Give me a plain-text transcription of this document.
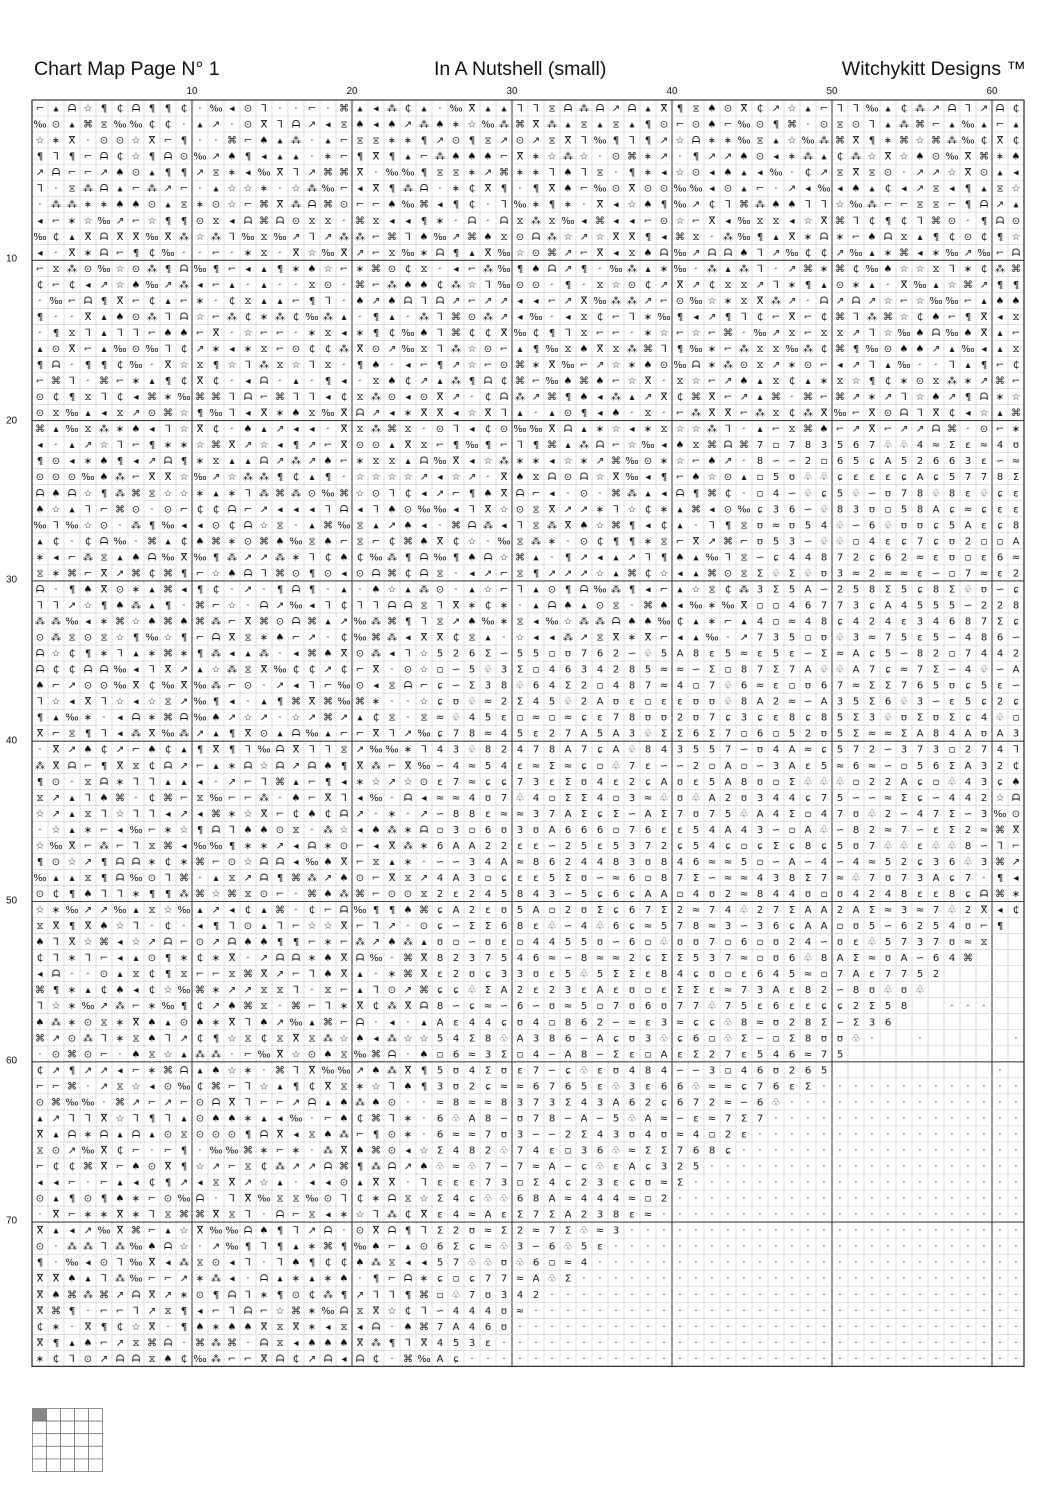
Chart Map Page N° 1	In A Nutshell (small)	Witchykitt Designs ™
10	20	30	40	50	60
10
20
30
40
50
60
70
⌐ ▴ ᗩ ☆ ¶ ₵ ᗩ ¶ ¶ ₵ · ‰ ◂ ⊙ ⅂ · · ⌐ · ⌘ ▴ ◂ ⁂ ₵ ▴ · ‰ ⴳ ▴ ▴ ⅂ ⅂ ⧖ ᗩ ⁂ ᗩ ↗ ᗩ ▴ ⴳ ¶ ⧖ ♠ ⊙ ⴳ ₵ ↗ ☆ ▴ ⌐ ⅂ ⅂ ‰ ▴ ₵ ⁂ ↗ ᗩ ⅂ ↗ ᗩ ₵
‰ ⊙ ▴ ⌘ ⧖ ‰ ‰ ₵ ₵ · ▴ ↗ · ⊙ ⴳ ⅂ ᗩ ↗ ◂ ⧖ ♠ ◂ ♠ ↗ ⁂ ♠ ∗ ☆ ‰ ⁂ ⌘ ⴳ ⁂ ▴ ⧖ ▴ ⧖ ▴ ¶ ⊙ ⌐ ⊙ ♠ ⌐ ‰ ⊙ ¶ ⌘ · ⊙ ⧖ ⊙ ⅂ ▴ ⁂ ⌘ ⌐ ▴ ‰ ▴ ⌐ ▴
☆ ∗ ⴳ · ⊙ ⊙ ☆ ⴳ ⌐ ¶ · · ⌘ ⌐ ♠ ▴ ⁂ · ▴ ⌐ ⧖ ⧖ ∗ ∗ ¶ ↗ ⊙ ¶ ⧖ ↗ ⊙ ↗ ⧖ ⴳ ⅂ ‰ ¶ ⅂ ¶ ↗ ☆ ᗩ ∗ ∗ ‰ ⧖ ▴ ☆ ‰ ⁂ ⌘ ⴳ ¶ ∗ ⌘ ☆ ⌘ ⁂ ‰ ₵ ⴳ ₵
¶ ⅂ ¶ ⌐ ᗩ ₵ ☆ ¶ ᗩ ⊙ ‰ ↗ ♠ ¶ ◂ ▴ ▴ · ∗ ⌐ ¶ ⴳ ¶ ▴ ⌐ ⁂ ♠ ♠ ♠ ⌐ ⴳ ∗ ☆ ⁂ ☆ · ⊙ ⌘ ∗ ↗ · ¶ ↗ ↗ ♠ ⊙ ◂ ∗ ⁂ ▴ ₵ ⁂ ☆ ⴳ ☆ ♠ ⊙ ‰ ⴳ ⌘ ∗ ♠
↗ ᗩ ⌐ ⌐ ↗ ♠ ⊙ ▴ ¶ ¶ ↗ ⧖ ∗ ◂ ‰ ⴳ ⅂ ↗ ⌘ ⌘ ⴳ · ‰ ‰ ¶ ⧖ ⧖ ∗ ↗ ⌘ ∗ ∗ ⅂ ♠ ⅂ ⧖ · ¶ ∗ ◂ ☆ ⊙ ◂ ♠ ▴ ◂ ‰ · ₵ ↗ ⧖ ⴳ ⧖ ⊙ · ↗ ↗ ☆ ⴳ ⊙ ▴ ◂
⅂ · ⧖ ⁂ ᗩ ▴ ⌐ ⁂ ↗ ⌐ · ▴ ☆ ☆ ∗ · ☆ ⁂ ‰ ⌐ ◂ ⴳ ¶ ⁂ ᗩ · ∗ ₵ ⴳ ¶ · ¶ ⴳ ♠ ⌐ ‰ ⊙ ⴳ ⊙ ⊙ ‰ ‰ ◂ ⊙ ▴ ⌐ · ↗ ◂ ‰ ◂ ♠ ▴ ₵ ◂ ↗ ⧖ ◂ ¶ ▴ ⧖ ☆
· ⁂ ⁂ ∗ ∗ ♠ ♠ ⊙ ▴ ⧖ ∗ ⊙ ☆ ⌐ ⌘ ⴳ ⁂ ᗩ ⌘ ⊙ ⌐ ⌐ ♠ ‰ ⌘ ◂ ¶ ₵ · ⅂ ‰ ∗ ¶ ∗ · ⴳ ◂ ☆ ♠ ¶ ‰ ↗ ₵ ⅂ ⌘ ⁂ ♠ ♠ ⅂ ⅂ ☆ ‰ ⁂ ⌐ ⌐ ⧖ ⧖ ⌐ ¶ ᗩ ↗ ▴
◂ ⌐ ∗ ☆ ‰ ↗ ⌐ ☆ ¶ ¶ ⊙ ⧖ ◂ ᗩ ⌘ ᗩ ⊙ ⧖ ⧖ · ⌘ ⧖ ◂ ◂ ¶ ∗ · ᗩ · ᗩ ⧖ ⁂ ⧖ ‰ ◂ ⌘ ◂ ◂ ⌐ ⊙ ☆ ⌐ ⴳ ◂ ‰ ⧖ ⧖ ◂ ☆ ⴳ ⌘ ⅂ ₵ ¶ ₵ ⅂ ⌘ ⊙ · ¶ ᗩ ⊙
‰ ₵ ▴ ⴳ ᗩ ⴳ ⴳ ‰ ⴳ ⁂ ☆ ⁂ ⅂ ‰ ⧖ ‰ ↗ ⅂ ↗ ⁂ ⁂ ⌐ ⌘ ⅂ ♠ ‰ ↗ ⌘ ♠ ⧖ ⊙ ᗩ ⁂ ☆ ↗ ☆ ⴳ ⴳ ¶ ◂ ⌘ ⧖ · ⁂ ‰ ¶ ▴ ⴳ ∗ ᗩ ∗ ⌐ ♠ ᗩ ⧖ ▴ ¶ ₵ ⊙ ₵ ¶ ☆
◂ · ⴳ ∗ ᗩ ⌐ ¶ ₵ ‰ · · ⌐ · ∗ ⧖ · ⴳ ☆ ‰ ⴳ ↗ ⌐ ⧖ ‰ ∗ ᗩ ¶ ▴ ⴳ ‰ ☆ ⊙ ⌘ ↗ ⌐ ⴳ ◂ ⧖ ♠ ᗩ ‰ ↗ ᗩ ᗩ ♠ ⅂ ↗ ‰ ₵ ₵ ↗ ‰ ▴ ∗ ⌘ ◂ ∗ ‰ ↗ ‰ ⌐ ᗩ
⌐ ⧖ ⁂ ⊙ ‰ ☆ ⊙ ⁂ ¶ ᗩ ‰ ¶ ⌐ ◂ ▴ ¶ ∗ ♠ ☆ ⌐ ∗ ⌘ ⊙ ₵ ⧖ · ◂ ⌐ ⁂ ‰ ¶ ♠ ᗩ ↗ ¶ · ‰ ⁂ ▴ ∗ ‰ · ⁂ ▴ ⁂ ⅂ · ↗ ⌘ ∗ ⌘ ₵ ‰ ♠ ☆ ☆ ⧖ ⅂ ∗ ₵ ⁂ ⌘
₵ ⌐ ₵ ◂ ↗ ☆ ♠ ‰ ↗ ⁂ ◂ ⌐ ▴ · ▴ · · ⧖ ⊙ · ⌘ ⌐ ⁂ ♠ ♠ ₵ ⁂ ☆ ⅂ ‰ ⊙ ⊙ · ¶ · ⧖ ☆ ⊙ ₵ ↗ ⴳ ↗ ₵ ⧖ ⧖ ↗ ⅂ ∗ ¶ ▴ ⊙ ∗ ▴ · ⴳ ‰ ▴ ☆ ⌘ ↗ ¶ ¶
· ‰ ⌐ ᗩ ¶ ⴳ ⌐ ₵ ▴ ⌐ ∗ · ₵ ⧖ ▴ ▴ ⌐ ¶ ⅂ · ♠ ↗ ♠ ᗩ ⅂ ᗩ ↗ ⌐ ↗ ↗ ◂ ◂ ⌐ ↗ ⴳ ‰ ⁂ ⁂ ↗ ⌐ ⊙ ‰ ☆ ∗ ⧖ ⴳ ⁂ ↗ · ᗩ ↗ ᗩ ↗ ☆ ⌐ ☆ ‰ ‰ ⌐ ▴ ♠ ♠
¶ · · ⴳ ▴ ♠ ⊙ ⁂ ⅂ ᗩ ☆ ⌐ ⁂ ₵ ∗ ⁂ ₵ ‰ ⁂ ▴ · ¶ ▴ · ⁂ ⅂ ⌘ ⊙ ⁂ ↗ ◂ ‰ · ◂ ⧖ ₵ ⌐ ⅂ ∗ ‰ ¶ ◂ ↗ ¶ ⅂ ₵ ⌐ ⴳ ⌐ ₵ ⌘ ⅂ ⁂ ⌘ ☆ ₵ ♠ ⌐ ¶ ⴳ ◂ ⧖
· ¶ ⧖ ⅂ ▴ ⅂ ⅂ ⌐ ♠ ♠ ⌐ ⴳ · ☆ ⌐ ⌐ · ∗ ⧖ ◂ ∗ ¶ ₵ ‰ ♠ ⅂ ⌘ ₵ ₵ ⴳ ‰ ₵ ¶ ⅂ ⧖ ⌐ ⌐ · ∗ ☆ ⌐ ☆ ⌐ ⌘ · ‰ ↗ ⧖ ⌐ ⧖ ⧖ ↗ ⅂ ☆ ‰ ♠ ᗩ ‰ ♠ ⴳ ▴ ⌐
▴ ⊙ ⴳ ⌐ ▴ ‰ ⊙ ‰ ⅂ ₵ ↗ ∗ ◂ ∗ ⧖ ⌐ ⊙ ₵ ₵ ⁂ ⴳ ⊙ ↗ ‰ ⧖ ⅂ ⁂ ☆ ⊙ ⌐ ▴ ¶ ‰ ⧖ ♠ ⴳ ⧖ ⁂ ⌘ ⅂ ¶ ‰ ∗ ⌐ ⁂ ⧖ ⧖ ‰ ⁂ ₵ ⌘ ¶ ‰ ⊙ ♠ ♠ ↗ ▴ ‰ ◂ ▴ ⧖
¶ ᗩ · ¶ ¶ ₵ ‰ · ⴳ ☆ ⧖ ¶ ☆ ⅂ ⁂ ⧖ ☆ ⅂ ⧖ · ¶ ♠ · ◂ ⌐ ¶ ↗ ☆ ⌐ ⊙ ⌘ ∗ ⴳ ‰ ⌐ ↗ ☆ ∗ ♠ ⊙ ‰ ᗩ ∗ ⁂ ⊙ ⧖ ↗ ∗ ⊙ ⌐ ◂ ↗ ⅂ ▴ ‰ · · ⅂ ▴ ¶ ⌐ ₵
⌐ ⌘ ⅂ · ⌘ ⌐ ∗ ▴ ¶ ₵ ⴳ ₵ · ◂ ᗩ · ▴ · ¶ ◂ · ⧖ ♠ ₵ ↗ ▴ ⁂ ¶ ᗩ ₵ ⌘ ⌐ ‰ ♠ ⌘ ♠ ⌐ ☆ ⴳ · ⧖ ☆ ⌐ ↗ ♠ ▴ ⧖ ₵ ▴ ∗ ⧖ ☆ ¶ ₵ ∗ ⊙ ⧖ ⁂ ∗ ↗ ⌘ ⌐
⊙ ₵ ¶ ⧖ ⅂ ₵ ◂ ⌘ ∗ ‰ ⌘ ⌘ ⅂ ᗩ ⌐ ⌘ ⅂ ⅂ ◂ ₵ ⧖ ⁂ ⊙ ◂ ⊙ ⴳ ↗ · ₵ ᗩ ⁂ ↗ ⌘ ¶ ♠ ◂ ⁂ ▴ ↗ ⴳ ₵ ⌘ ⴳ ⌐ ↗ ▴ ⌘ · ⌘ ⌐ ⌘ ↗ ∗ ↗ ⅂ ☆ ♠ ↗ ¶ ᗩ ∗ ☆
⊙ ⧖ ‰ ▴ ◂ ⧖ ↗ ⊙ ⌘ ☆ ¶ ‰ ⅂ ◂ ⴳ ∗ ♠ ⧖ ‰ ⴳ ᗩ ↗ ◂ ∗ ⴳ ⴳ ◂ ☆ ⴳ ⅂ ▴ · ▴ ⊙ ¶ ◂ ♠ · ⧖ · ⌐ ⁂ ⴳ ⴳ ⌐ ⁂ ⧖ ₵ ⁂ ⴳ ‰ ⌐ ⴳ ⊙ ᗩ ⅂ ⴳ ₵ ◂ ☆ ▴ ⌘
⌘ ▴ ‰ ⧖ ⁂ ∗ ♠ ◂ ⅂ ☆ ⴳ ₵ · ♠ ▴ ↗ ◂ ◂ · ⴳ ⧖ ⁂ ⌘ ⧖ · ⊙ ⅂ ◂ ₵ ⊙ ‰ ‰ ⴳ ᗩ ▴ ∗ ☆ ◂ ∗ ⧖ ☆ ☆ ⁂ ⅂ · ▴ ⌐ ⧖ ⌘ ♠ ⌐ ↗ ⴳ ⌐ ↗ ↗ ᗩ ⌘ · ⊙ ⌐ ∗
◂ · ▴ ↗ ☆ ⅂ ⌐ ¶ ∗ ∗ ☆ ⌘ ⴳ ↗ ☆ ◂ ¶ ↗ ⌐ ⴳ ⊙ ⊙ ▴ ⴳ ⧖ ⌐ ¶ ‰ ¶ ⌐ ⅂ ¶ ⌘ ▴ ⁂ ᗩ ⌐ ☆ ‰ ◂ ♠ ⧖ ⌘ ᗩ ⌘ 7 ▫ 7 8 3 5 6 7 ♧ ♧ 4 ≈ Σ ε ≈ 4 ʊ
¶ ⊙ ◂ ∗ ♠ ¶ ◂ ↗ ᗩ ¶ ∗ ⧖ ▴ ▴ ᗩ ↗ ⁂ ↗ ♠ ⌐ ∗ ⧖ ⧖ ▴ ᗩ ‰ ⴳ ◂ ☆ ⁂ ∗ ∗ ◂ ☆ ∗ ↗ ⌘ ‰ ⊙ ∗ ☆ ⌐ ♠ ↗ · 8 ∽ ∽ 2 ▫ 6 5 ɕ A 5 2 6 6 3 ε ∽ ≈
⊙ ⊙ ⊙ ‰ ♠ ⁂ ⌐ ⴳ ⴳ ☆ ‰ ↗ ☆ ⁂ ⁂ ¶ ₵ ▴ ¶ · ☆ ☆ ☆ ☆ ↗ ◂ ☆ ↗ · ⴳ ♠ ⧖ ᗩ ⊙ ᗩ ☆ ⴳ ‰ ◂ ¶ ⌐ ♠ ☆ ⊙ ▴ ▫ 5 ʊ ♧ ♧ ɕ ε ε ε ɕ A ɕ 5 7 7 8 Σ
ᗩ ♠ ᗩ ☆ ¶ ⁂ ⌘ ⧖ ☆ ☆ ∗ ▴ ∗ ⅂ ⁂ ⌘ ⁂ ⊙ ‰ ⌘ ☆ ⊙ ⅂ ₵ ◂ ↗ ⌐ ¶ ♠ ⴳ ᗩ ⌐ ◂ · ⊙ · ⌘ ⁂ ▴ ◂ ᗩ ¶ ⌘ ₵ · ▫ 4 ∽ ♧ ɕ 5 ♧ ∽ ʊ 7 8 ♧ 8 ε ♧ ɕ ε
♠ ☆ ▴ ⅂ ⌐ ⌘ ⊙ · ⊙ ⌐ ₵ ₵ ᗩ ⌐ ↗ ◂ ◂ ◂ ⅂ ᗩ ◂ ⅂ ♠ ⊙ ‰ ‰ ◂ ⅂ ⴳ ☆ ⊙ ⧖ ⴳ ↗ ↗ ∗ ⅂ ☆ ₵ ∗ ▴ ⌘ ◂ ⊙ ‰ ɕ 3 6 ∽ ♧ 8 3 ʊ ▫ 5 8 A ɕ ≈ ɕ ε ε
‰ ⅂ ‰ ☆ ⊙ · ⁂ ¶ ‰ ◂ ◂ ⊙ ₵ ᗩ ☆ ⧖ · ▴ ⌘ ‰ ⧖ ▴ ↗ ♠ ◂ · ⌘ ᗩ ⁂ ◂ ⅂ ⧖ ⁂ ⴳ ♠ ☆ ⌘ ¶ ◂ ₵ ▴ · ⅂ ¶ ⧖ ʊ ≈ ʊ 5 4 ♧ ∽ 6 ♧ ʊ ʊ ɕ 5 A ε ɕ 8
▴ ₵ · ₵ ᗩ ‰ · ⌘ ▴ ₵ ♠ ⌘ ∗ ⊙ ⌘ ♠ ‰ ⧖ ♠ ⌐ ⧖ ⌐ ₵ ⌘ ♠ ⴳ ₵ ☆ · ‰ ⧖ ⁂ ∗ · ⊙ ₵ ¶ ¶ ∗ ⧖ ⌐ ⴳ ↗ ⌘ ⌐ ʊ 5 3 ∽ ♧ ♧ ▫ 4 ε ɕ 7 ɕ ʊ 2 ▫ ▫ A
∗ ◂ ⌐ ⁂ ⧖ ▴ ♠ ᗩ ‰ ⴳ ‰ ¶ ⁂ ↗ ↗ ⁂ ∗ ⅂ ₵ ♠ ₵ ‰ ⁂ ¶ ᗩ ‰ ¶ ♠ ᗩ ☆ ⌘ ▴ · ¶ ↗ ◂ ▴ ↗ ⅂ ¶ ♠ ▴ ‰ ⅂ ⧖ ∽ ɕ 4 4 8 7 2 ɕ 6 2 ≈ ε ʊ ▫ ε 6 ≈
⧖ ∗ ⌘ ⌐ ⴳ ↗ ⌘ ₵ ⌘ ¶ ⌐ ☆ ♠ ᗩ ⅂ ⌘ ⊙ ¶ ⊙ ◂ ⊙ ᗩ ⌘ ₵ ᗩ ⧖ · ◂ ↗ ⌐ ⧖ ¶ ↗ ↗ ↗ ☆ ▴ ⌘ ₵ ☆ ◂ ▴ ⌘ ⊙ ⧖ Σ ♧ Σ ♧ ʊ 3 ≈ 2 ≈ ≈ ε ∽ ▫ 7 ≈ ε 2
ᗩ · ¶ ♠ ⴳ ⊙ ∗ ▴ ⌘ ◂ ¶ ₵ · ↗ · ¶ ᗩ ¶ · ▴ · ♠ ☆ ▴ ⁂ ⊙ · ▴ ☆ ⌐ ⅂ ▴ ⊙ ¶ ᗩ ‰ ⁂ ¶ ◂ ⌐ ▴ ☆ ⧖ ₵ ⁂ 3 Σ 5 A ∽ 2 5 8 Σ 5 ɕ 8 Σ ♧ ʊ ∽ ɕ
⅂ ⅂ ↗ ☆ ¶ ♠ ⁂ ▴ ¶ · ⌘ ⌐ ☆ · ᗩ ↗ ‰ ◂ ⅂ ₵ ⅂ ⅂ ᗩ ᗩ ⧖ ⅂ ⴳ ∗ ₵ ∗ · ▴ ᗩ ♠ ▴ ⊙ ⧖ · ⌘ ♠ ◂ ‰ ∗ ‰ ⴳ ▫ ▫ 4 6 7 7 3 ɕ A 4 5 5 5 ∽ 2 2 8
⁂ ⁂ ‰ ◂ ∗ ⌘ ☆ ♠ ⌘ ♠ ⌘ ⁂ ⌐ ⴳ ⌘ ⊙ ᗩ ⌘ ▴ ↗ ‰ ⁂ ⌘ ¶ ⅂ ⧖ ↗ ♠ ‰ ∗ ⧖ ◂ ‰ ☆ ⁂ ⁂ ᗩ ♠ ♠ ‰ ₵ ▴ ∗ ⌐ ▴ 4 ▫ ≈ 4 8 ɕ 4 2 4 ε 3 4 6 8 7 Σ ɕ
⊙ ⁂ ⧖ ⊙ ⧖ ☆ ¶ ‰ ☆ ¶ ⌐ ᗩ ⴳ ⧖ ∗ ♠ ⌐ ↗ · ₵ ‰ ⌘ ⁂ ◂ ⴳ ⴳ ₵ ⧖ ▴ · ☆ ◂ ◂ ⁂ ↗ ⧖ ⴳ ∗ ⴳ ⌐ ◂ ▴ ‰ · ↗ 7 3 5 ▫ ʊ ♧ 3 ≈ 7 5 ε 5 ∽ 4 8 6 ∽
ᗩ ☆ ₵ ¶ ∗ ⅂ ▴ ∗ ⌘ ∗ ¶ ⁂ ◂ ▴ ⁂ · ◂ ⌘ ♠ ⴳ ⊙ ⁂ ◂ ⅂ ☆ 5 2 6 Σ ∽ 5 5 ▫ ʊ 7 6 2 ∽ ♧ 5 A 8 ε 5 ≈ ε 5 ε ∽ Σ ≈ A ɕ 5 ∽ 8 2 ▫ 7 4 4 2
ᗩ ₵ ₵ ᗩ ᗩ ‰ ◂ ⅂ ⴳ ↗ ▴ ☆ ⁂ ⧖ ⴳ ‰ ₵ ₵ ↗ ₵ ⌐ ⴳ · ⊙ ☆ ▫ ∽ 5 ♧ 3 Σ ▫ 4 6 3 4 2 8 5 ≈ ≈ ∽ Σ ▫ 8 7 Σ 7 A ♧ ♧ A 7 ɕ ≈ 7 Σ ∽ 4 ♧ ∽ A
♠ ⌐ ↗ ⊙ ⊙ ‰ ⴳ ₵ ‰ ⴳ ‰ ⁂ ⌐ ⊙ · ↗ ◂ ⅂ ⌐ ‰ ⊙ ◂ ⧖ ᗩ ⌐ ɕ ∽ Σ 3 8 ♧ 6 4 Σ 2 ▫ 4 8 7 ≈ 4 ▫ 7 ♧ 6 ≈ ε ▫ ʊ 6 7 ≈ Σ Σ 7 6 5 ʊ ɕ 5 ε ∽
⅂ ☆ ◂ ⴳ ⅂ ☆ ◂ ☆ ⧖ ↗ ‰ ¶ ◂ · ▴ ¶ ⌘ ⴳ ⌘ ‰ ⌘ ∗ · · ☆ ɕ ʊ ♧ ≈ 2 Σ 4 5 ♧ 2 A ʊ ε ▫ ε ε ʊ ʊ ♧ 8 A 2 ≈ ∽ A 3 5 Σ 6 ♧ 3 ∽ ε 5 ɕ 2 ɕ
¶ ▴ ‰ ∗ · ◂ ᗩ ∗ ⌘ ᗩ ‰ ♠ ↗ ☆ ↗ · ☆ ↗ ⌘ ↗ ▴ ₵ ⧖ · ⧖ ≈ ♧ 4 5 ε ▫ ≈ ▫ ≈ ɕ ε 7 8 ʊ ʊ 2 ʊ 7 ɕ 3 ɕ ε 8 ɕ 8 5 Σ 3 ♧ ʊ Σ ʊ Σ ɕ 4 ♧ ▫
ⴳ ⌐ ⧖ ¶ ⅂ ◂ ⁂ ⴳ ‰ ⁂ ↗ ▴ ¶ ⴳ ⊙ ▴ ᗩ ‰ ▴ ⌐ ⌐ ⴳ ⅂ ↗ ‰ ɕ 7 8 ≈ 4 5 ε 2 7 A 5 A 3 ♧ Σ Σ 6 Σ 7 ▫ 6 ▫ 5 2 ʊ 5 Σ ≈ ≈ Σ A 8 4 A ʊ A 3
· ⴳ ↗ ♠ ₵ ↗ ⌐ ♠ ₵ ▴ ¶ ⴳ ¶ ⅂ ‰ ᗩ ⴳ ⅂ ⅂ ⧖ ↗ ‰ ‰ ∗ ⅂ 4 3 ♧ 8 2 4 7 8 A 7 ɕ A ♧ 8 4 3 5 5 7 ∽ ʊ 4 A ≈ ɕ 5 7 2 ∽ 3 7 3 ▫ 2 7 4 ⅂
⁂ ⴳ ᗩ ⌐ ¶ ⴳ ⧖ ₵ ᗩ ↗ ⌐ ▴ ∗ ᗩ ☆ ᗩ ↗ ᗩ ♠ ¶ ⴳ ⁂ ⌐ ⴳ ‰ ∽ 4 ≈ 5 4 ε ≈ Σ ≈ ɕ ▫ ♧ 7 ε ∽ ∽ 2 ▫ A ▫ ∽ 3 A ε 5 ≈ 6 ≈ ∽ ▫ 5 6 Σ A 3 2 ₵
¶ ⊙ · ⧖ ᗩ ∗ ⅂ ⅂ ▴ ▴ ◂ · ↗ ⌐ ⅂ ⌘ ▴ ⌐ ¶ ◂ ∗ ☆ ↗ ☆ ⊙ ε 7 ≈ ɕ ɕ 7 3 ε Σ ʊ 4 ε 2 ɕ A ʊ ε 5 A 8 ʊ ▫ Σ ♧ ♧ ♧ ▫ 2 2 A ɕ ▫ ♧ 4 3 ɕ ♠
⧖ ↗ ▴ ⅂ ♠ ⌘ · ₵ ⌘ ⌐ ⧖ ‰ ⌐ ⌐ ⁂ · ♠ ⌐ ⴳ ⅂ ◂ ‰ · ᗩ ◂ ≈ ≈ 4 ʊ 7 ♧ 4 ▫ Σ Σ 4 ▫ 3 ≈ ♧ ʊ ♧ A 2 ʊ 3 4 4 ɕ 7 5 ∽ ∽ ≈ Σ ɕ ∽ 4 4 2 ☆ ᗩ
☆ ↗ ▴ ⧖ ⅂ ☆ ⅂ ⅂ ◂ ↗ ◂ ⌘ ∗ ☆ ⴳ ⌐ ₵ ♠ ₵ ᗩ ↗ · ∗ · ↗ ∽ 8 8 ε ≈ ≈ 3 7 A Σ ɕ Σ ∽ A Σ 7 ʊ 7 5 ♧ A 4 Σ ▫ 4 7 ʊ ♧ 2 ∽ 4 7 Σ ∽ 3 ‰ ⊙
· ☆ ▴ ∗ ⌐ ◂ ‰ ⌐ ∗ ☆ ¶ ᗩ ⅂ ♠ ♠ ⊙ ⧖ · ⁂ ☆ ◂ ♠ ⁂ ∗ ᗩ ▫ 3 ▫ 6 ʊ 3 ʊ A 6 6 6 ▫ 7 6 ε ε 5 4 A 4 3 ∽ ▫ A ♧ ∽ 8 2 ≈ 7 ∽ ε Σ 2 ≈ ⌘ ⴳ
☆ ‰ ⴳ ⌐ ⁂ ⌐ ⅂ ⧖ ⌘ ◂ ‰ ‰ ¶ ∗ ∗ ↗ ◂ ᗩ ∗ ⊙ ⌐ ◂ ⴳ ⁂ ∗ 6 A A 2 2 ε ε ∽ 2 5 ε 5 3 7 2 ɕ 5 4 ɕ ▫ ɕ Σ ɕ 8 ɕ 5 ʊ 7 ♧ ♧ ε ♧ ♧ 8 ∽ ⅂ ⌐
¶ ⊙ ☆ ↗ ¶ ᗩ ᗩ ∗ ₵ ∗ ⌘ ⌐ ⊙ ☆ ᗩ ᗩ ◂ ‰ ♠ ⴳ ⌐ ⧖ ▴ ∗ · ∽ ∽ 3 4 A ≈ 8 6 2 4 4 8 3 ʊ 8 4 6 ≈ ≈ 5 ▫ ∽ A ∽ 4 ∽ 4 ≈ 5 2 ɕ 3 6 ♧ 3 ⌘ ↗
‰ ▴ ▴ ⧖ ¶ ᗩ ‰ ⊙ ⅂ ⌘ · ▴ ⧖ ↗ ᗩ ¶ ⌘ ⁂ ↗ ♠ ⊙ ⌐ ⴳ ⧖ ↗ 4 A 3 ▫ ɕ ε ε 5 Σ ʊ ∽ ≈ 6 ▫ 8 7 Σ ∽ ≈ ≈ 4 3 8 Σ 7 ≈ ♧ 7 ʊ 7 3 A ɕ 7 · ¶ ◂
⊙ ₵ ¶ ♠ ⅂ ⅂ ∗ ¶ ¶ ⁂ ⌘ ☆ ⌘ ⧖ ⊙ ⌐ · ⌘ ♠ ⁂ ⌘ ⌐ ⊙ ⊙ ⧖ 2 ε 2 4 5 8 4 3 ∽ 5 ɕ 6 ɕ A A ▫ 4 ʊ 2 ≈ 8 4 4 ʊ ▫ ʊ 4 2 4 8 ε ε 8 ɕ ᗩ ⌘ ∗
☆ ∗ ‰ ↗ ↗ ‰ ▴ ⧖ ☆ ‰ ▴ ↗ ◂ ₵ ▴ ⌘ · ₵ ⌐ ᗩ ‰ ¶ ¶ ♠ ⌘ ɕ A 2 ε ʊ 5 A ▫ 2 ʊ Σ ɕ 6 7 Σ 2 ≈ 7 4 ♧ 2 7 Σ A A 2 A Σ ≈ 3 ≈ 7 ♧ 2 ⴳ ◂ ₵
⧖ ⴳ ¶ ⴳ ♠ ☆ ⅂ · ₵ · ◂ ¶ ⅂ ⊙ ▴ ⅂ ⌐ ☆ ☆ ⴳ ⌐ ⅂ ↗ · ⊙ ɕ ∽ Σ Σ 6 8 ε ♧ ∽ 4 ♧ 6 ɕ ≈ 5 7 8 ≈ 3 ∽ 3 6 ɕ A A ▫ ʊ 5 ∽ 6 2 5 4 ʊ ⌐ ¶
♠ ⅂ ⴳ ☆ ⌘ ◂ ☆ ↗ ᗩ ⌐ ⊙ ↗ ᗩ ♠ ♠ ¶ ¶ ⌐ ∗ ⌐ ⁂ ↗ ♠ ⁂ ▴ ʊ ▫ ∽ ʊ ε ▫ 4 4 5 5 ʊ ∽ 6 ▫ ♧ ʊ ʊ 7 ▫ 6 ▫ ʊ 2 4 ∽ ʊ ε ♧ 5 7 3 7 ʊ ≈ ⧖
₵ ⅂ ∗ ⅂ ⌐ ◂ ▴ ⊙ ¶ ∗ ₵ ∗ ⴳ · ↗ ᗩ ᗩ ∗ ♠ ⴳ ᗩ ‰ · ⌘ ⴳ 8 2 3 7 5 4 6 ≈ ∽ 8 ≈ ≈ 2 ɕ Σ Σ 5 3 7 ≈ ▫ ʊ 6 ♧ 8 A Σ ≈ ʊ A ∽ 6 4 ⌘
◂ ᗩ · · ⊙ ▴ ⧖ ₵ ¶ ⧖ ⌐ ⌐ ⧖ ⌘ ⴳ ↗ ⌐ ⅂ ♠ ⴳ ▴ · ∗ ⌘ ⴳ ε 2 ʊ ɕ 3 3 ʊ ε 5 ♧ 5 Σ Σ ε 8 4 ɕ ʊ ▫ ε 6 4 5 ≈ ▫ 7 A ε 7 7 5 2
⌘ ¶ ∗ ▴ ₵ ♠ ◂ ₵ ☆ ‰ ⌘ ∗ ↗ ↗ ⧖ ⧖ ⅂ · ⧖ ⌐ ▴ ⅂ ⊙ ↗ ⌘ ɕ ɕ ♧ Σ A 2 ε 2 3 ε A ε ʊ ▫ ε Σ Σ ε ≈ 7 3 A ε 8 2 ∽ 8 ʊ ♧ ʊ ♧
⅂ ☆ ∗ ‰ ↗ ⁂ ⌐ ∗ ‰ ¶ ₵ ↗ ♠ ⌘ ⧖ · ⌘ ⌐ ⅂ ∗ ⴳ ₵ ⁂ ⴳ ᗩ 8 ∽ ɕ ≈ ∽ 6 ∽ ʊ ≈ 5 ▫ 7 ʊ 6 ʊ 7 7 ♧ 7 5 ε 6 ε ε ɕ ɕ 2 Σ 5 8	· · ·
♠ ⁂ ∗ ⊙ ⧖ ∗ ⴳ ♠ ▴ ⊙ ♠ ∗ ⴳ ⅂ ♠ ↗ ‰ ▴ ⌘ ⌐ ᗩ · ◂ · ▴ A ε 4 4 ɕ ʊ 4 ▫ 8 6 2 ∽ ≈ ε 3 ≈ ɕ ɕ ♧ 8 ≈ ʊ 2 8 Σ ∽ Σ 3 6
⌘ ↗ ⊙ ⁂ ⅂ ∗ ⧖ ♠ ⅂ ↗ ₵ ¶ ☆ ⧖ ₵ ⧖ ⴳ ⧖ ⁂ ☆ ♠ ◂ ⁂ ☆ ☆ 5 4 Σ 8 ♧ A 3 8 6 ∽ A ɕ ʊ 3 ♧ ɕ 6 ▫ ♧ Σ ∽ ▫ Σ 8 ʊ ʊ ♧ ·	·	·
· ⊙ ⌘ ⊙ ⌐ · ♠ ⧖ ☆ ▴ ⁂ ⁂ · ⌐ ‰ ⴳ ☆ ⊙ ♠ ⧖ ‰ ⌘ ᗩ · ♠ ▫ 6 ≈ 3 Σ ▫ 4 ∽ A 8 ∽ Σ ε ▫ A ε Σ 2 7 ε 5 4 6 ≈ 7 5
₵ ↗ ¶ ↗ ↗ ◂ ⌐ ∗ ⌘ ᗩ ▴ ♠ ☆ ∗ · ⌘ ⅂ ⴳ ‰ ‰ ↗ ♠ ⁂ ⴳ ¶ 5 ʊ 4 Σ ʊ ε 7 ∽ ɕ ♧ ε ʊ 4 8 4 ∽ ∽ 3 ▫ 4 6 ʊ 2 6 5	·
⌐ ⌐ ⌘ · ↗ ⧖ ☆ ◂ ⊙ ‰ ₵ ⌘ ⌐ ⅂ ☆ ▴ ¶ ₵ ⴳ ⧖ ∗ ☆ ⅂ ♠ ¶ 3 ʊ 2 ɕ ≈ ≈ 6 7 6 5 ε ♧ 3 ε 6 6 ♧ ≈ ≈ ɕ 7 6 ε Σ · · · · · · · · · · · · ·
⊙ ⌘ ‰ ‰ · ⌘ ↗ ⌐ ↗ ⌐ ⊙ ᗩ ⴳ ⅂ ⌐ ⌐ ↗ ᗩ ▴ ♠ ⁂ ♠ ⊙ · · ≈ 8 ≈ ≈ 8 3 7 3 Σ 4 3 A 6 2 ɕ 6 7 2 ≈ ∽ 6 ♧ · · · · · · · · · · · · · · ·
▴ ↗ ⅂ ⅂ ⴳ ☆ ⅂ ¶ ⅂ ▴ ⊙ ♠ ♠ ∗ ▴ ◂ ‰ · ⌐ ♠ ₵ ⌘ ⅂ ∗ · 6 ♧ A 8 ∽ ʊ 7 8 ∽ A ∽ 5 ♧ A ≈ ∽ ε ≈ 7 Σ 7 · · · · · · · · · · · · · · · ·
ⴳ ▴ ᗩ ∗ ᗩ ▴ ᗩ ▴ ⊙ ⧖ ⊙ ⊙ ⊙ ¶ ᗩ ⴳ ◂ ⧖ ♠ ⁂ ⌐ ¶ ⊙ ∗ · 6 ≈ ≈ 7 ʊ 3 ∽ ∽ 2 Σ 4 3 ʊ 4 ʊ ≈ 4 ▫ 2 ε · · · · · · · · · · · · · · · · ·
⧖ ⊙ ↗ ‰ ⴳ ₵ ⌐ · ⌐ ¶ · ‰ ‰ ⌘ ∗ ⌐ ∗ · ⁂ ⴳ ♠ ⌘ ⊙ ◂ ☆ Σ 4 8 2 ♧ 7 4 ε ▫ 3 6 ♧ ≈ Σ Σ 7 6 8 ɕ · · · · · · · · · · · · · · · · · ·
⌐ ₵ ₵ ⌘ ⴳ ⌐ ♠ ⊙ ⴳ ¶ ☆ ↗ ⌐ ⧖ ₵ ⁂ ↗ ↗ ᗩ ⌘ ¶ ⁂ ᗩ ↗ ♠ ♧ ≈ ♧ 7 ∽ 7 ≈ A ∽ ɕ ♧ ε A ɕ 3 2 5 · · · · · · · · · · · · · · · · · · · ·
◂ ◂ ⌐ · ⌐ ▴ ◂ ₵ ¶ ↗ ◂ ⧖ ⴳ ↗ ☆ ▴ · ◂ ◂ ⊙ ▴ ⴳ ⴳ · ⅂ ε ε ε 7 3 ▫ Σ 4 ɕ 2 3 ε ɕ ʊ ≈ Σ · · · · · · · · · · · · · · · · · · · · ·
⊙ ▴ ¶ ⊙ ¶ ♠ ∗ ⌐ ⊙ ‰ ᗩ · ⅂ ⴳ ‰ ⧖ ⧖ ‰ ⊙ ⅂ ₵ ∗ ᗩ ⧖ ☆ Σ 4 ɕ ♧ ♧ 6 8 A ≈ 4 4 4 ≈ ▫ 2 · · · · · · · · · · · · · · · · · · · · · ·
· ⴳ ⌐ ∗ ∗ ⴳ ∗ ⅂ ⧖ ⌘ ⌘ ⴳ ⧖ ⅂ · ᗩ ⌐ ⧖ ◂ ∗ ☆ ⅂ ⁂ ₵ ⴳ ε 4 ≈ A ε Σ 7 Σ A 2 3 8 ε ≈ · · · · · · · · · · · · · · · · · · · · · · ·
ⴳ ▴ ◂ ↗ ‰ ⴳ ⌘ ⌐ ▴ ☆ ⴳ ‰ ‰ ᗩ ♠ ¶ ⅂ ↗ ᗩ · ⊙ ⴳ ᗩ ¶ ⅂ Σ 2 ʊ ≈ Σ 2 ≈ 7 Σ ♧ ≈ 3 · · · · · · · · · · · · · · · · · · · · · · · · ·
⊙ · ⁂ ⁂ ⅂ ⁂ ‰ ♠ ᗩ ☆ · ↗ ‰ ¶ ⅂ ¶ ▴ ∗ ⌘ ¶ ‰ ♠ ⌐ ▴ ⊙ 6 Σ ɕ ≈ ♧ 3 ∽ 6 ♧ 5 ε · · · · · · · · · · · · · · · · · · · · · · · · · ·
¶ · ‰ ◂ ⊙ ⅂ ‰ ⴳ ◂ ⁂ ⧖ ⊙ ◂ ⅂ · ⅂ ♠ ¶ ₵ ₵ ♠ ⁂ ⧖ ◂ ◂ 5 7 ♧ ♧ ʊ ♧ 6 ▫ ≈ 4 · · · · · · · · · · · · · · · · · · · · · · · · · · ·
ⴳ ⴳ ♠ ▴ ⅂ ⁂ ‰ ⌐ ⌐ ↗ ∗ ⁂ ◂ · ᗩ ▴ ∗ ▴ ∗ ♠ · ¶ ⌐ ᗩ ∗ ɕ ▫ ɕ 7 7 ≈ A ♧ Σ · · · · · · · · · · · · · · · · · · · · · · · · · · · ·
ⴳ ♠ ⌘ ⁂ ⌘ ↗ ᗩ ⴳ ↗ ∗ ⊙ ¶ ᗩ ⅂ ∗ ¶ ⊙ ₵ ⁂ ¶ ↗ ⅂ ⅂ ¶ ⌘ ▫ ♧ 7 ʊ 3 4 2 · · · · · · · · · · · · · · · · · · · · · · · · · · · · · ·
ⴳ ⌘ ¶ · ⌐ ⌐ ⅂ ↗ ⧖ ¶ ◂ ⌐ ⅂ ᗩ ⌐ ☆ ⌘ ∗ ‰ ᗩ ⧖ ⴳ ☆ ₵ ⅂ ∽ 4 4 4 ʊ ≈ · · · · · · · · · · · · · · · · · · · · · · · · · · · · · · ·
₵ ∗ · ⴳ ¶ ₵ ☆ ⴳ · ¶ ♠ ∗ ♠ ♠ ⴳ ⧖ ⴳ ∗ ◂ ⧖ ◂ ᗩ · ♠ ⌘ 7 A 4 6 ʊ · · · · · · · · · · · · · · · · · · · · · · · · · · · · · · · ·
ⴳ ¶ ▴ ♠ ⌐ ↗ ⧖ ⌘ ᗩ · ⌘ ⁂ ⌘ · ᗩ ⧖ ◂ ♠ ♠ ♠ ⴳ ⁂ ¶ ⅂ ⴳ 4 5 3 ε · · · · · · · · · · · · · · · · · · · · · · · · · · · · · · · · ·
∗ ₵ ⅂ ⊙ ↗ ᗩ ᗩ ⧖ ♠ ₵ ‰ ⁂ ⌐ ⌐ ⴳ ᗩ ₵ ↗ ᗩ ◂ ᗩ ₵ · ⌘ ‰ A ɕ · · · · · · · · · · · · · · · · · · · · · · · · · · · · · · · · · · ·
